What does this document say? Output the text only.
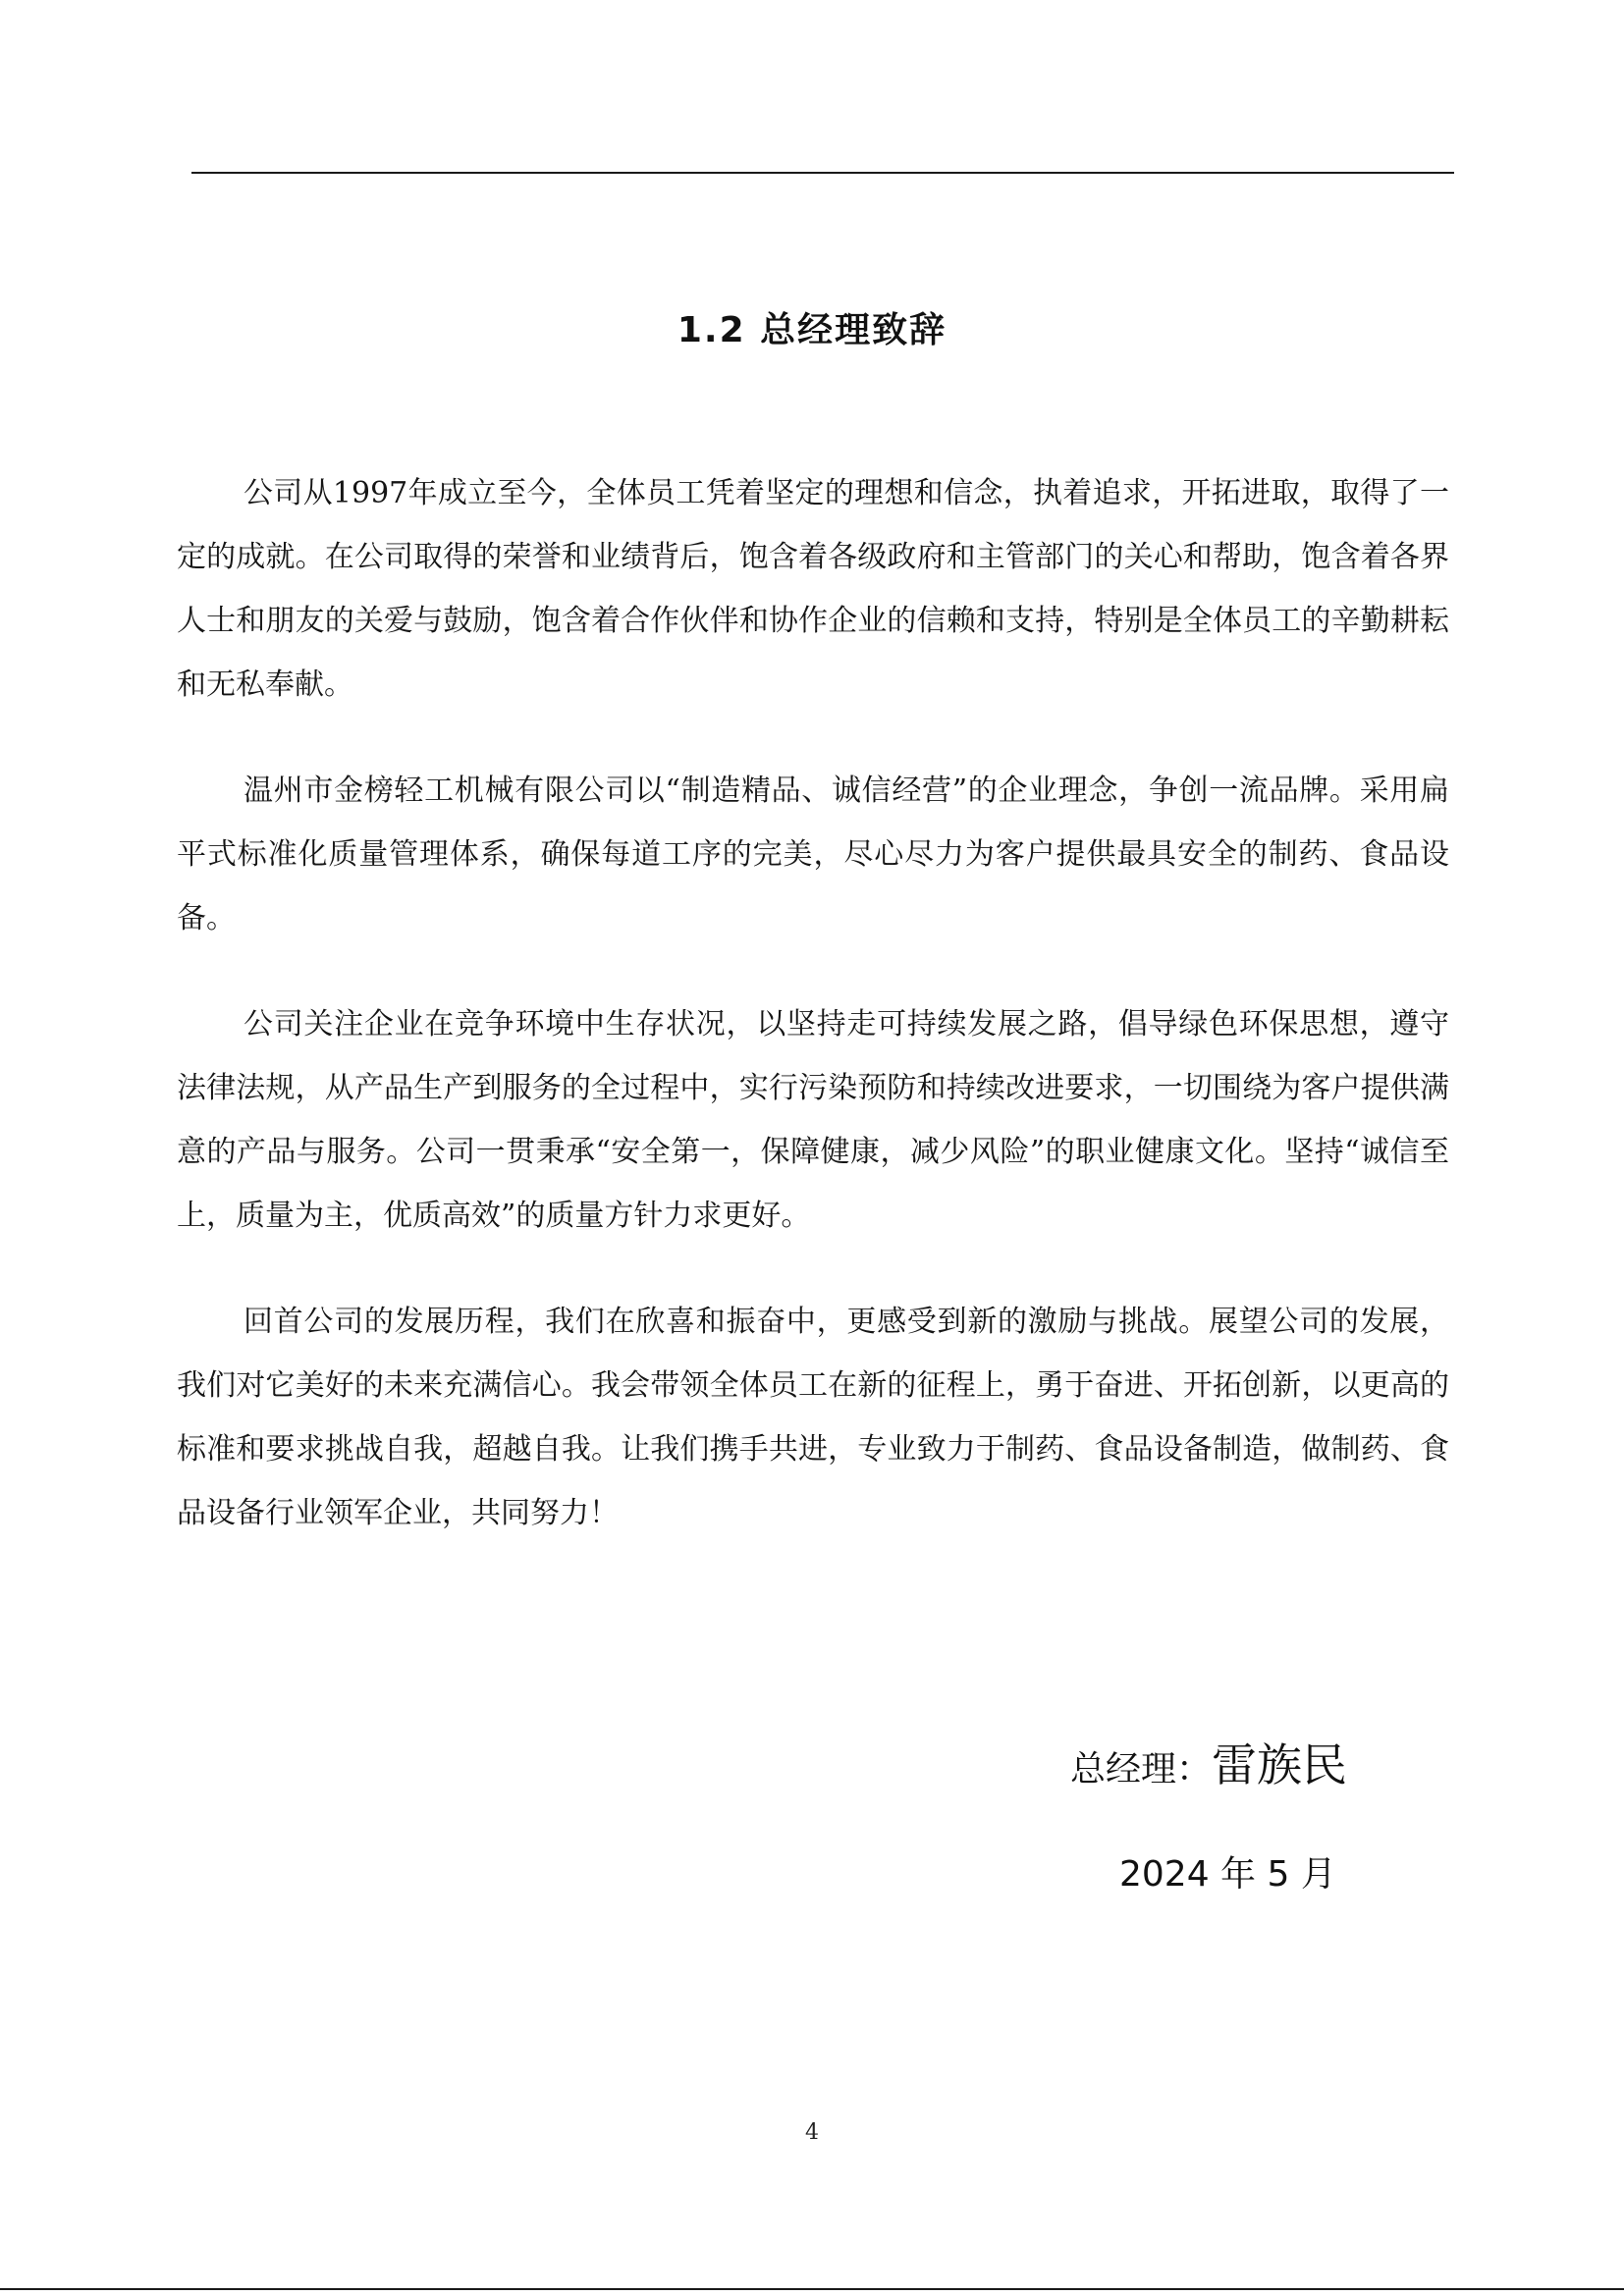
1.2 总经理致辞

公司从1997年成立至今，全体员工凭着坚定的理想和信念，执着追求，开拓进取，取得了一定的成就。在公司取得的荣誉和业绩背后，饱含着各级政府和主管部门的关心和帮助，饱含着各界人士和朋友的关爱与鼓励，饱含着合作伙伴和协作企业的信赖和支持，特别是全体员工的辛勤耕耘和无私奉献。

温州市金榜轻工机械有限公司以“制造精品、诚信经营”的企业理念，争创一流品牌。采用扁平式标准化质量管理体系，确保每道工序的完美，尽心尽力为客户提供最具安全的制药、食品设备。

公司关注企业在竞争环境中生存状况，以坚持走可持续发展之路，倡导绿色环保思想，遵守法律法规，从产品生产到服务的全过程中，实行污染预防和持续改进要求，一切围绕为客户提供满意的产品与服务。公司一贯秉承“安全第一，保障健康，减少风险”的职业健康文化。坚持“诚信至上，质量为主，优质高效”的质量方针力求更好。

回首公司的发展历程，我们在欣喜和振奋中，更感受到新的激励与挑战。展望公司的发展，我们对它美好的未来充满信心。我会带领全体员工在新的征程上，勇于奋进、开拓创新，以更高的标准和要求挑战自我，超越自我。让我们携手共进，专业致力于制药、食品设备制造，做制药、食品设备行业领军企业，共同努力！

总经理：雷族民
2024 年 5 月
4
